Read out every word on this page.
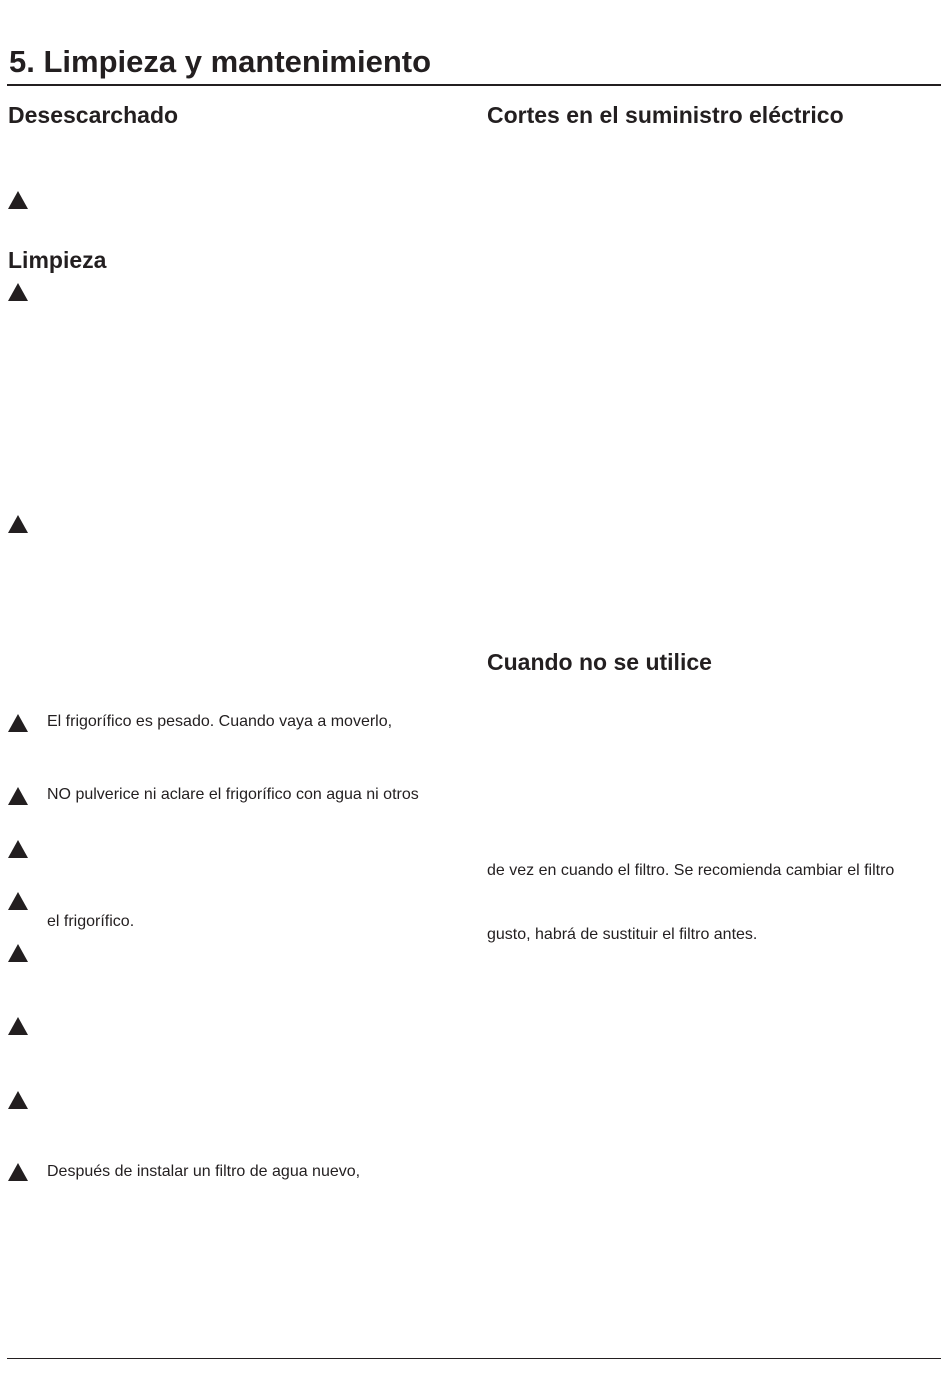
5. Limpieza y mantenimiento
Desescarchado
Limpieza
El frigorífico es pesado. Cuando vaya a moverlo,
NO pulverice ni aclare el frigorífico con agua ni otros
el frigorífico.
Después de instalar un filtro de agua nuevo,
Cortes en el suministro eléctrico
Cuando no se utilice
de vez en cuando el filtro. Se recomienda cambiar el filtro
gusto, habrá de sustituir el filtro antes.
